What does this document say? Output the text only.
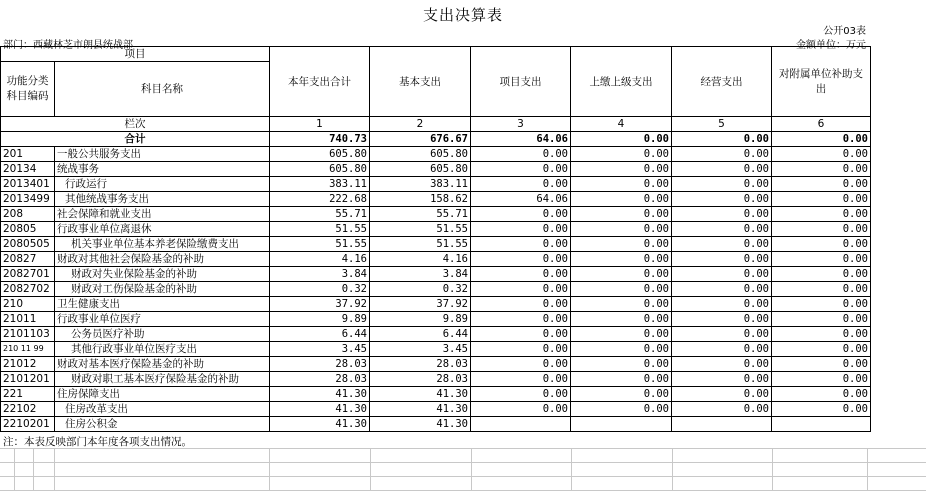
支出决算表
公开03表
部门：西藏林芝市朗县统战部	金额单位：万元
项目		本年支出合计	基本支出	项目支出	上缴上级支出	经营支出	对附属单位补助支出
功能分类科目编码	科目名称						
栏次		1	2	3	4	5	6
合计		740.73	676.67	64.06	0.00	0.00	0.00
201	一般公共服务支出	605.80	605.80	0.00	0.00	0.00	0.00
20134	统战事务	605.80	605.80	0.00	0.00	0.00	0.00
2013401	行政运行	383.11	383.11	0.00	0.00	0.00	0.00
2013499	其他统战事务支出	222.68	158.62	64.06	0.00	0.00	0.00
208	社会保障和就业支出	55.71	55.71	0.00	0.00	0.00	0.00
20805	行政事业单位离退休	51.55	51.55	0.00	0.00	0.00	0.00
2080505	机关事业单位基本养老保险缴费支出	51.55	51.55	0.00	0.00	0.00	0.00
20827	财政对其他社会保险基金的补助	4.16	4.16	0.00	0.00	0.00	0.00
2082701	财政对失业保险基金的补助	3.84	3.84	0.00	0.00	0.00	0.00
2082702	财政对工伤保险基金的补助	0.32	0.32	0.00	0.00	0.00	0.00
210	卫生健康支出	37.92	37.92	0.00	0.00	0.00	0.00
21011	行政事业单位医疗	9.89	9.89	0.00	0.00	0.00	0.00
2101103	公务员医疗补助	6.44	6.44	0.00	0.00	0.00	0.00
210 11 99	其他行政事业单位医疗支出	3.45	3.45	0.00	0.00	0.00	0.00
21012	财政对基本医疗保险基金的补助	28.03	28.03	0.00	0.00	0.00	0.00
2101201	财政对职工基本医疗保险基金的补助	28.03	28.03	0.00	0.00	0.00	0.00
221	住房保障支出	41.30	41.30	0.00	0.00	0.00	0.00
22102	住房改革支出	41.30	41.30	0.00	0.00	0.00	0.00
2210201	住房公积金	41.30	41.30				
注：本表反映部门本年度各项支出情况。
